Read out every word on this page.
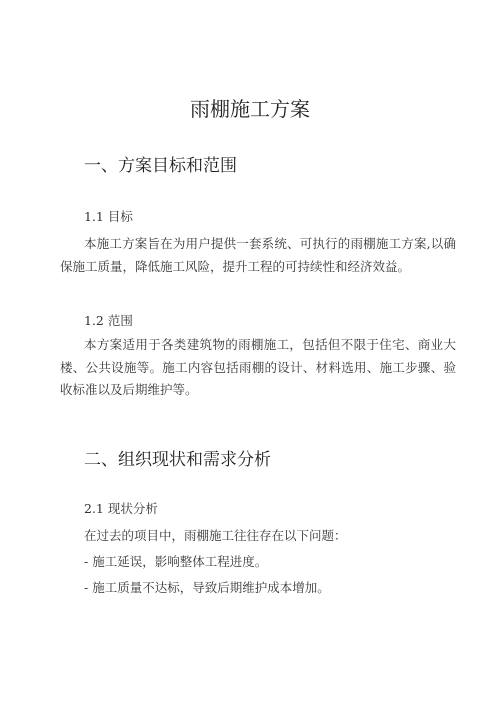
雨棚施工方案
一、方案目标和范围
1.1 目标

本施工方案旨在为用户提供一套系统、可执行的雨棚施工方案,以确保施工质量，降低施工风险，提升工程的可持续性和经济效益。

1.2 范围

本方案适用于各类建筑物的雨棚施工，包括但不限于住宅、商业大楼、公共设施等。施工内容包括雨棚的设计、材料选用、施工步骤、验收标准以及后期维护等。

二、组织现状和需求分析
2.1 现状分析
在过去的项目中，雨棚施工往往存在以下问题：
- 施工延误，影响整体工程进度。
- 施工质量不达标，导致后期维护成本增加。
